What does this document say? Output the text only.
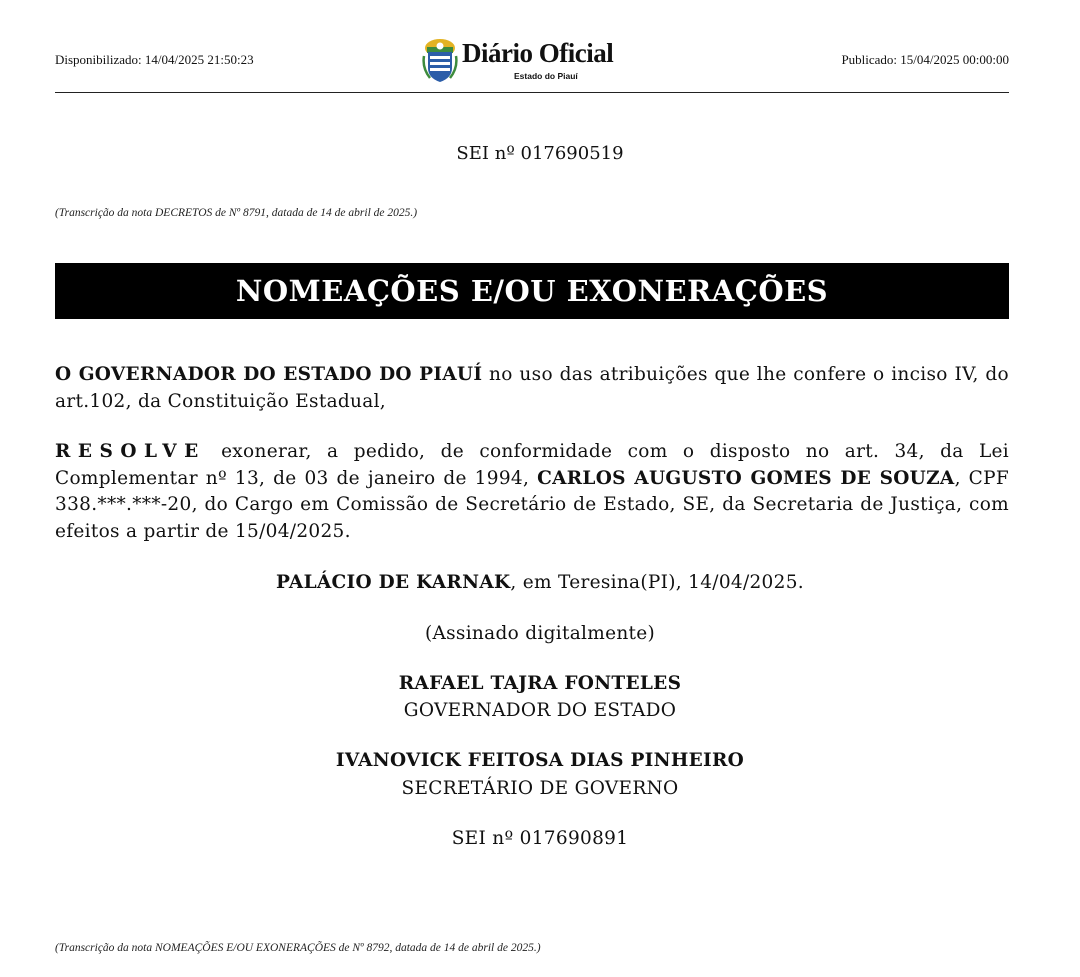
Disponibilizado: 14/04/2025 21:50:23	Diário Oficial
Estado do Piauí
Publicado: 15/04/2025 00:00:00
SEI nº 017690519
(Transcrição da nota DECRETOS de Nº 8791, datada de 14 de abril de 2025.)
NOMEAÇÕES E/OU EXONERAÇÕES
O GOVERNADOR DO ESTADO DO PIAUÍ no uso das atribuições que lhe confere o inciso IV, do art.102, da Constituição Estadual,
RESOLVE exonerar, a pedido, de conformidade com o disposto no art. 34, da Lei Complementar nº 13, de 03 de janeiro de 1994, CARLOS AUGUSTO GOMES DE SOUZA, CPF 338.***.***-20, do Cargo em Comissão de Secretário de Estado, SE, da Secretaria de Justiça, com efeitos a partir de 15/04/2025.
PALÁCIO DE KARNAK, em Teresina(PI), 14/04/2025.
(Assinado digitalmente)
RAFAEL TAJRA FONTELES
GOVERNADOR DO ESTADO
IVANOVICK FEITOSA DIAS PINHEIRO
SECRETÁRIO DE GOVERNO
SEI nº 017690891
(Transcrição da nota NOMEAÇÕES E/OU EXONERAÇÕES de Nº 8792, datada de 14 de abril de 2025.)
